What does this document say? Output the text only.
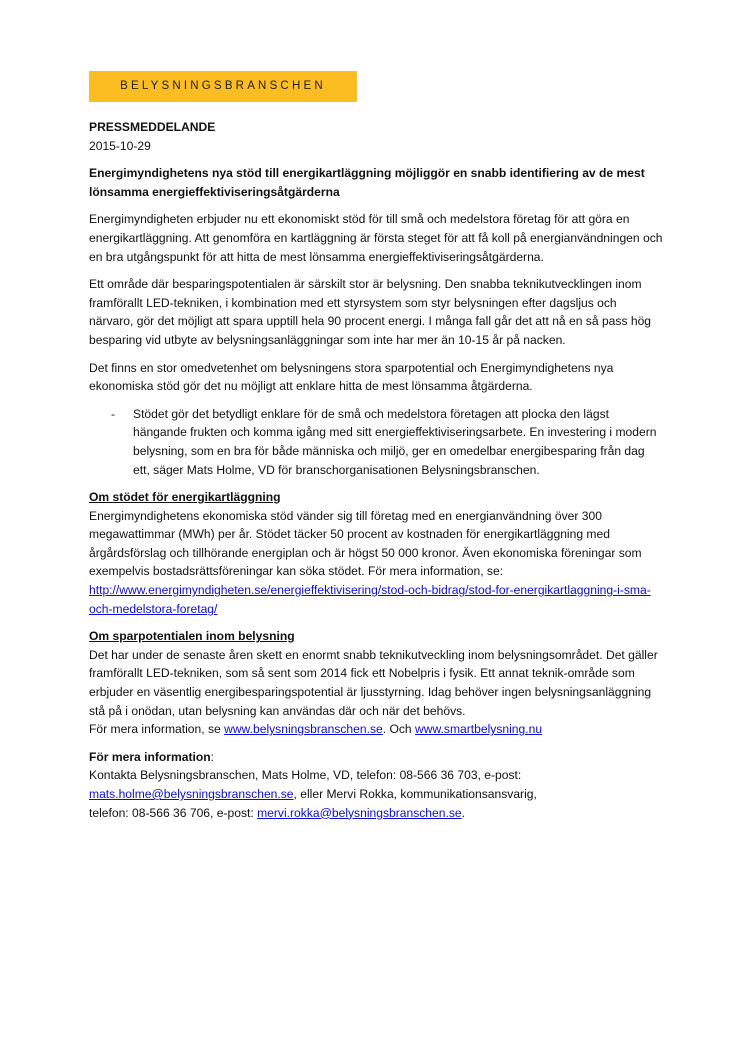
BELYSNINGSBRANSCHEN

PRESSMEDDELANDE

2015-10-29

Energimyndighetens nya stöd till energikartläggning möjliggör en snabb identifiering av de mest lönsamma energieffektiviseringsåtgärderna

Energimyndigheten erbjuder nu ett ekonomiskt stöd för till små och medelstora företag för att göra en energikartläggning. Att genomföra en kartläggning är första steget för att få koll på energianvändningen och en bra utgångspunkt för att hitta de mest lönsamma energieffektiviseringsåtgärderna.

Ett område där besparingspotentialen är särskilt stor är belysning. Den snabba teknikutvecklingen inom framförallt LED-tekniken, i kombination med ett styrsystem som styr belysningen efter dagsljus och närvaro, gör det möjligt att spara upptill hela 90 procent energi. I många fall går det att nå en så pass hög besparing vid utbyte av belysningsanläggningar som inte har mer än 10-15 år på nacken.

Det finns en stor omedvetenhet om belysningens stora sparpotential och Energimyndighetens nya ekonomiska stöd gör det nu möjligt att enklare hitta de mest lönsamma åtgärderna.

- Stödet gör det betydligt enklare för de små och medelstora företagen att plocka den lägst hängande frukten och komma igång med sitt energieffektiviseringsarbete. En investering i modern belysning, som en bra för både människa och miljö, ger en omedelbar energibesparing från dag ett, säger Mats Holme, VD för branschorganisationen Belysningsbranschen.

Om stödet för energikartläggning

Energimyndighetens ekonomiska stöd vänder sig till företag med en energianvändning över 300 megawattimmar (MWh) per år. Stödet täcker 50 procent av kostnaden för energikartläggning med årgårdsförslag och tillhörande energiplan och är högst 50 000 kronor. Även ekonomiska föreningar som exempelvis bostadsrättsföreningar kan söka stödet. För mera information, se:

http://www.energimyndigheten.se/energieffektivisering/stod-och-bidrag/stod-for-energikartlaggning-i-sma-och-medelstora-foretag/

Om sparpotentialen inom belysning

Det har under de senaste åren skett en enormt snabb teknikutveckling inom belysningsområdet. Det gäller framförallt LED-tekniken, som så sent som 2014 fick ett Nobelpris i fysik. Ett annat teknik-område som erbjuder en väsentlig energibesparingspotential är ljusstyrning. Idag behöver ingen belysningsanläggning stå på i onödan, utan belysning kan användas där och när det behövs.

För mera information, se www.belysningsbranschen.se. Och www.smartbelysning.nu

För mera information:

Kontakta Belysningsbranschen, Mats Holme, VD, telefon: 08-566 36 703, e-post:

mats.holme@belysningsbranschen.se, eller Mervi Rokka, kommunikationsansvarig,

telefon: 08-566 36 706, e-post: mervi.rokka@belysningsbranschen.se.
